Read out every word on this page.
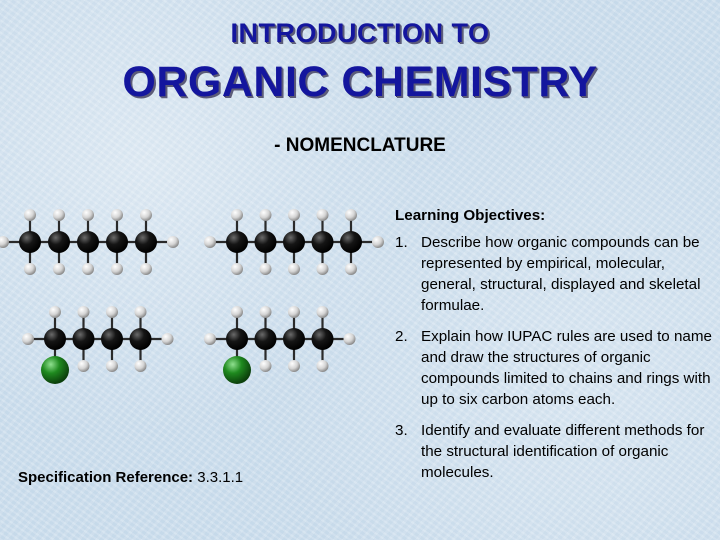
INTRODUCTION TO
ORGANIC CHEMISTRY
- NOMENCLATURE
Learning Objectives:
1. Describe how organic compounds can be represented by empirical, molecular, general, structural, displayed and skeletal formulae.
2. Explain how IUPAC rules are used to name and draw the structures of organic compounds limited to chains and rings with up to six carbon atoms each.
3. Identify and evaluate different methods for the structural identification of organic molecules.
Specification Reference: 3.3.1.1
